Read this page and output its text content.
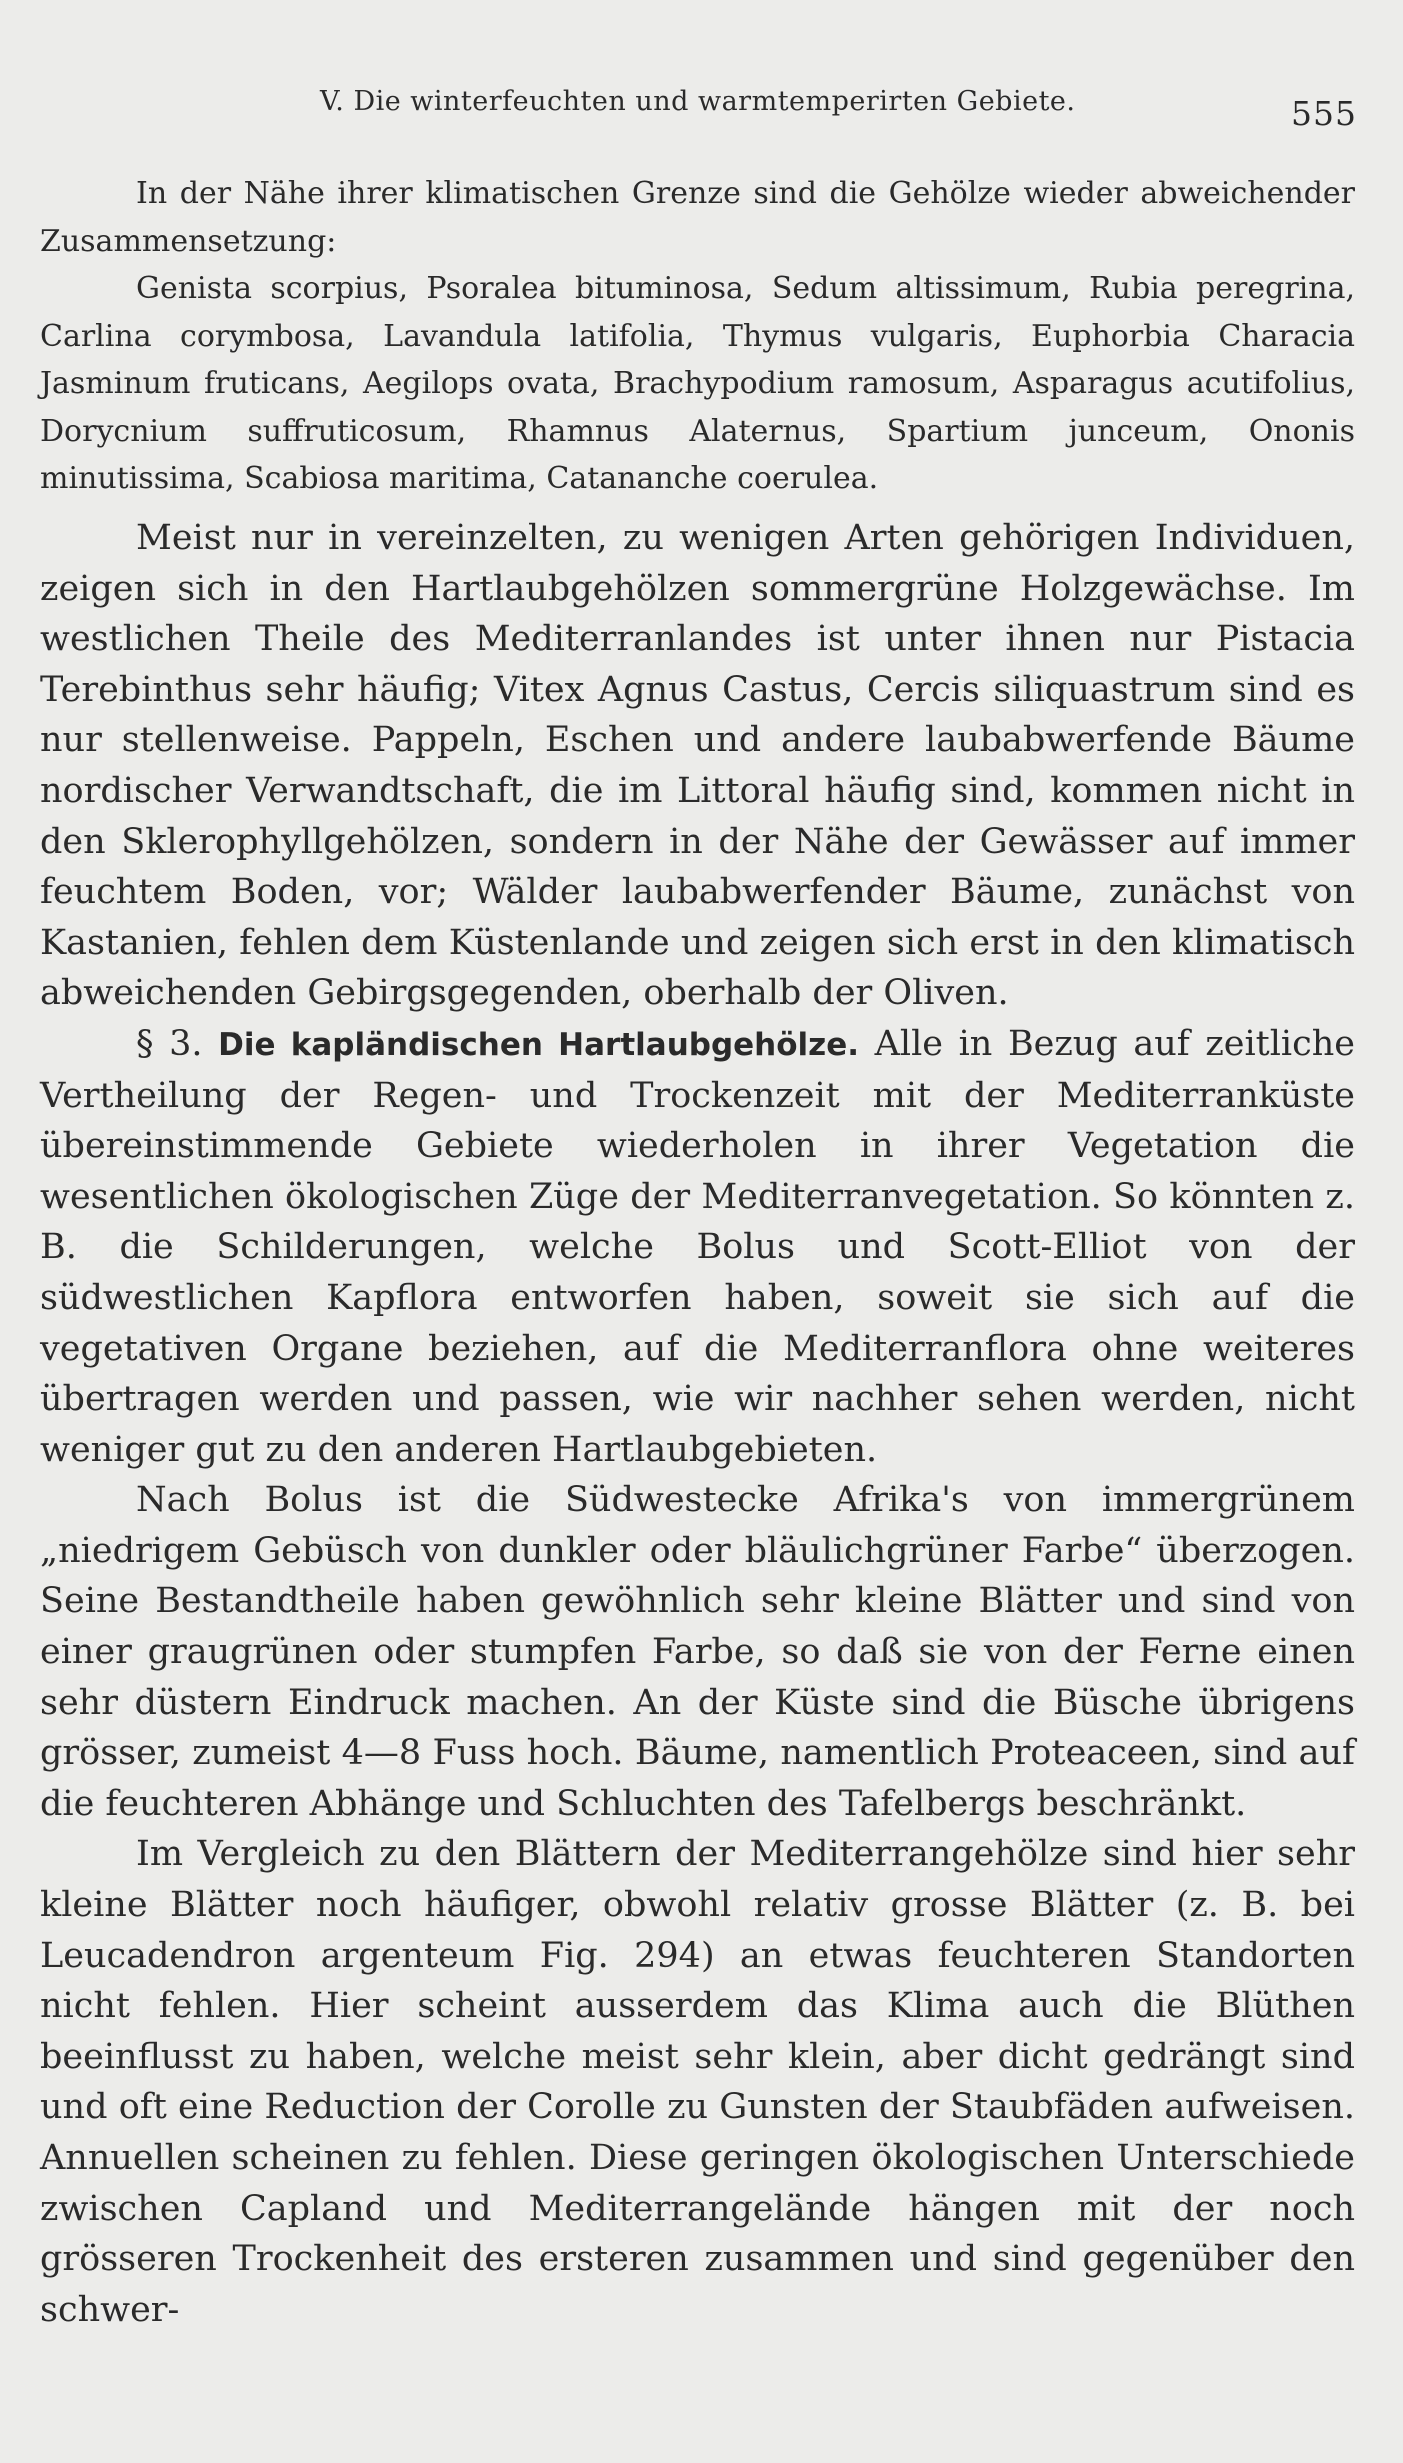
V. Die winterfeuchten und warmtemperirten Gebiete.	555

In der Nähe ihrer klimatischen Grenze sind die Gehölze wieder abweichender Zusammensetzung:

Genista scorpius, Psoralea bituminosa, Sedum altissimum, Rubia peregrina, Carlina corymbosa, Lavandula latifolia, Thymus vulgaris, Euphorbia Characia Jasminum fruticans, Aegilops ovata, Brachypodium ramosum, Asparagus acutifolius, Dorycnium suffruticosum, Rhamnus Alaternus, Spartium junceum, Ononis minutissima, Scabiosa maritima, Catananche coerulea.

Meist nur in vereinzelten, zu wenigen Arten gehörigen Individuen, zeigen sich in den Hartlaubgehölzen sommergrüne Holzgewächse. Im westlichen Theile des Mediterranlandes ist unter ihnen nur Pistacia Terebinthus sehr häufig; Vitex Agnus Castus, Cercis siliquastrum sind es nur stellenweise. Pappeln, Eschen und andere laubabwerfende Bäume nordischer Verwandtschaft, die im Littoral häufig sind, kommen nicht in den Sklerophyllgehölzen, sondern in der Nähe der Gewässer auf immer feuchtem Boden, vor; Wälder laubabwerfender Bäume, zunächst von Kastanien, fehlen dem Küstenlande und zeigen sich erst in den klimatisch abweichenden Gebirgsgegenden, oberhalb der Oliven.

§ 3. Die kapländischen Hartlaubgehölze. Alle in Bezug auf zeitliche Vertheilung der Regen- und Trockenzeit mit der Mediterranküste übereinstimmende Gebiete wiederholen in ihrer Vegetation die wesentlichen ökologischen Züge der Mediterranvegetation. So könnten z. B. die Schilderungen, welche Bolus und Scott-Elliot von der südwestlichen Kapflora entworfen haben, soweit sie sich auf die vegetativen Organe beziehen, auf die Mediterranflora ohne weiteres übertragen werden und passen, wie wir nachher sehen werden, nicht weniger gut zu den anderen Hartlaubgebieten.

Nach Bolus ist die Südwestecke Afrika's von immergrünem „niedrigem Gebüsch von dunkler oder bläulichgrüner Farbe“ überzogen. Seine Bestandtheile haben gewöhnlich sehr kleine Blätter und sind von einer graugrünen oder stumpfen Farbe, so daß sie von der Ferne einen sehr düstern Eindruck machen. An der Küste sind die Büsche übrigens grösser, zumeist 4—8 Fuss hoch. Bäume, namentlich Proteaceen, sind auf die feuchteren Abhänge und Schluchten des Tafelbergs beschränkt.

Im Vergleich zu den Blättern der Mediterrangehölze sind hier sehr kleine Blätter noch häufiger, obwohl relativ grosse Blätter (z. B. bei Leucadendron argenteum Fig. 294) an etwas feuchteren Standorten nicht fehlen. Hier scheint ausserdem das Klima auch die Blüthen beeinflusst zu haben, welche meist sehr klein, aber dicht gedrängt sind und oft eine Reduction der Corolle zu Gunsten der Staubfäden aufweisen. Annuellen scheinen zu fehlen. Diese geringen ökologischen Unterschiede zwischen Capland und Mediterrangelände hängen mit der noch grösseren Trockenheit des ersteren zusammen und sind gegenüber den schwer-
